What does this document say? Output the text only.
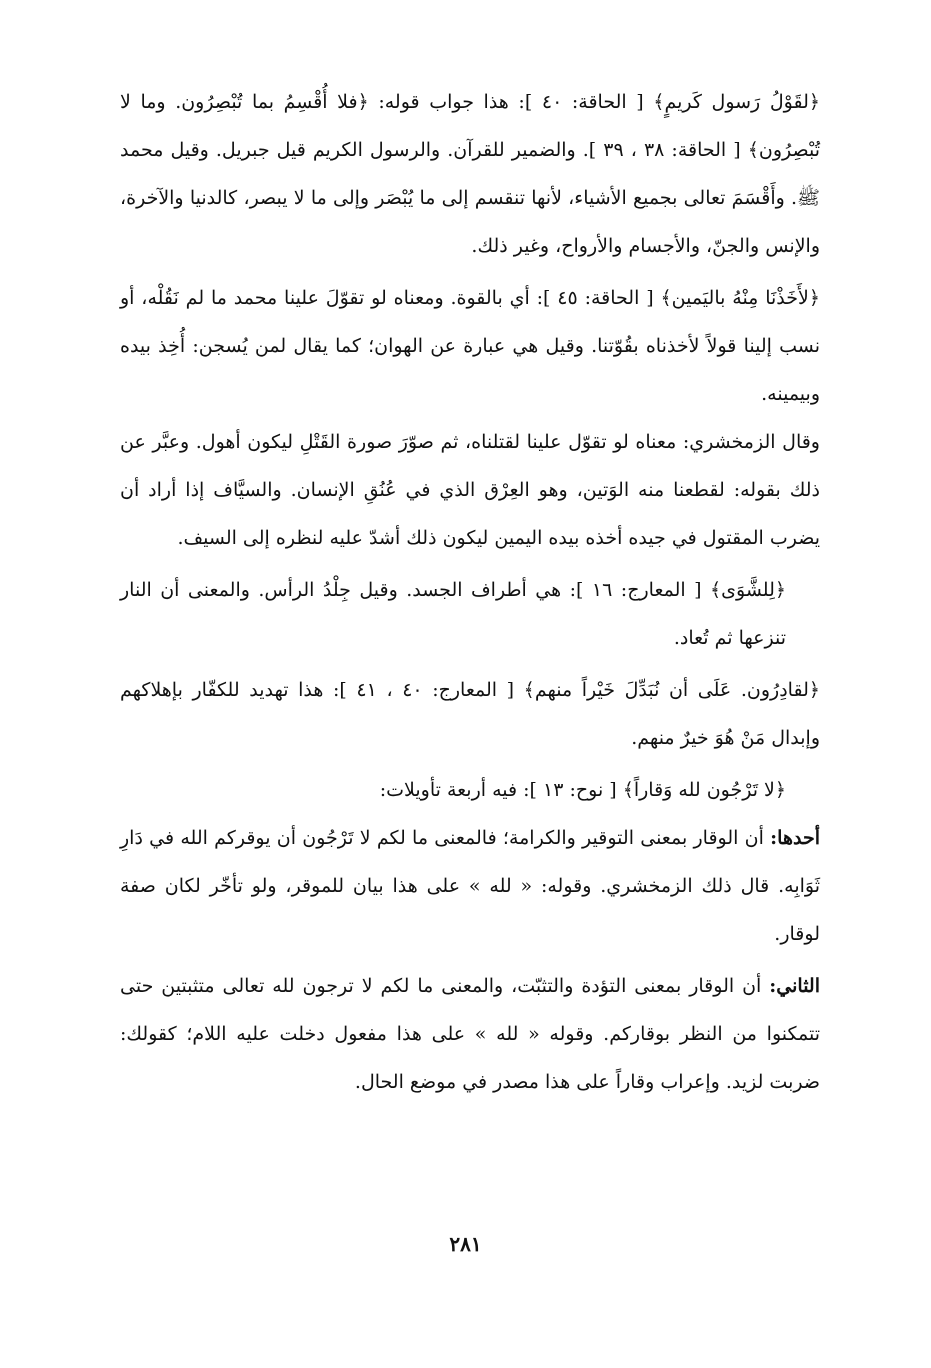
﴿لقَوْلُ رَسول كَريمٍ﴾ [ الحاقة: ٤٠ ]: هذا جواب قوله: ﴿فلا أُقْسِمُ بما تُبْصِرُون. وما لا تُبْصِرُون﴾ [ الحاقة: ٣٨ ، ٣٩ ]. والضمير للقرآن. والرسول الكريم قيل جبريل. وقيل محمد ﷺ. وأَقْسَمَ تعالى بجميع الأشياء، لأنها تنقسم إلى ما يُبْصَر وإلى ما لا يبصر، كالدنيا والآخرة، والإنس والجنّ، والأجسام والأرواح، وغير ذلك.

﴿لأَخَذْنَا مِنْهُ باليَمين﴾ [ الحاقة: ٤٥ ]: أي بالقوة. ومعناه لو تقوّلَ علينا محمد ما لم نَقُلْه، أو نسب إلينا قولاً لأخذناه بقُوّتنا. وقيل هي عبارة عن الهوان؛ كما يقال لمن يُسجن: أُخِذ بيده وبيمينه.

وقال الزمخشري: معناه لو تقوّل علينا لقتلناه، ثم صوّرَ صورة القَتْلِ ليكون أهول. وعبَّر عن ذلك بقوله: لقطعنا منه الوَتين، وهو العِرْق الذي في عُنُقِ الإنسان. والسيَّاف إذا أراد أن يضرب المقتول في جيده أخذه بيده اليمين ليكون ذلك أشدّ عليه لنظره إلى السيف.

﴿لِلشَّوَى﴾ [ المعارج: ١٦ ]: هي أطراف الجسد. وقيل جِلْدُ الرأس. والمعنى أن النار تنزعها ثم تُعاد.

﴿لقادِرُون. عَلَى أن نُبَدِّلَ خَيْراً منهم﴾ [ المعارج: ٤٠ ، ٤١ ]: هذا تهديد للكفّار بإهلاكهم وإبدال مَنْ هُوَ خيرٌ منهم.

﴿لا تَرْجُون لله وَقاراً﴾ [ نوح: ١٣ ]: فيه أربعة تأويلات:

أحدها: أن الوقار بمعنى التوقير والكرامة؛ فالمعنى ما لكم لا تَرْجُون أن يوقركم الله في دَارِ ثَوَابِه. قال ذلك الزمخشري. وقوله: « لله » على هذا بيان للموقر، ولو تأخّر لكان صفة لوقار.

الثاني: أن الوقار بمعنى التؤدة والتثبّت، والمعنى ما لكم لا ترجون لله تعالى متثبتين حتى تتمكنوا من النظر بوقاركم. وقوله « لله » على هذا مفعول دخلت عليه اللام؛ كقولك: ضربت لزيد. وإعراب وقاراً على هذا مصدر في موضع الحال.

٢٨١
